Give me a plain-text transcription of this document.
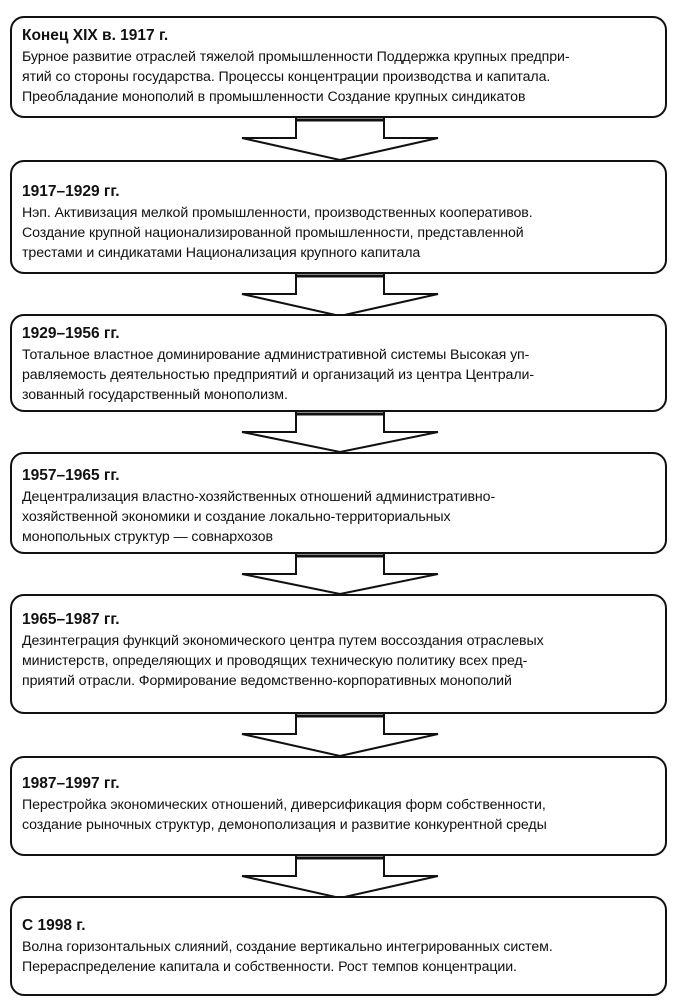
Конец XIX в. 1917 г.
Бурное развитие отраслей тяжелой промышленности Поддержка крупных предпри-
ятий со стороны государства. Процессы концентрации производства и капитала.
Преобладание монополий в промышленности Создание крупных синдикатов
1917–1929 гг.
Нэп. Активизация мелкой промышленности, производственных кооперативов.
Создание крупной национализированной промышленности, представленной
трестами и синдикатами Национализация крупного капитала
1929–1956 гг.
Тотальное властное доминирование административной системы Высокая уп-
равляемость деятельностью предприятий и организаций из центра Централи-
зованный государственный монополизм.
1957–1965 гг.
Децентрализация властно-хозяйственных отношений административно-
хозяйственной экономики и создание локально-территориальных
монопольных структур — совнархозов
1965–1987 гг.
Дезинтеграция функций экономического центра путем воссоздания отраслевых
министерств, определяющих и проводящих техническую политику всех пред-
приятий отрасли. Формирование ведомственно-корпоративных монополий
1987–1997 гг.
Перестройка экономических отношений, диверсификация форм собственности,
создание рыночных структур, демонополизация и развитие конкурентной среды
С 1998 г.
Волна горизонтальных слияний, создание вертикально интегрированных систем.
Перераспределение капитала и собственности. Рост темпов концентрации.
